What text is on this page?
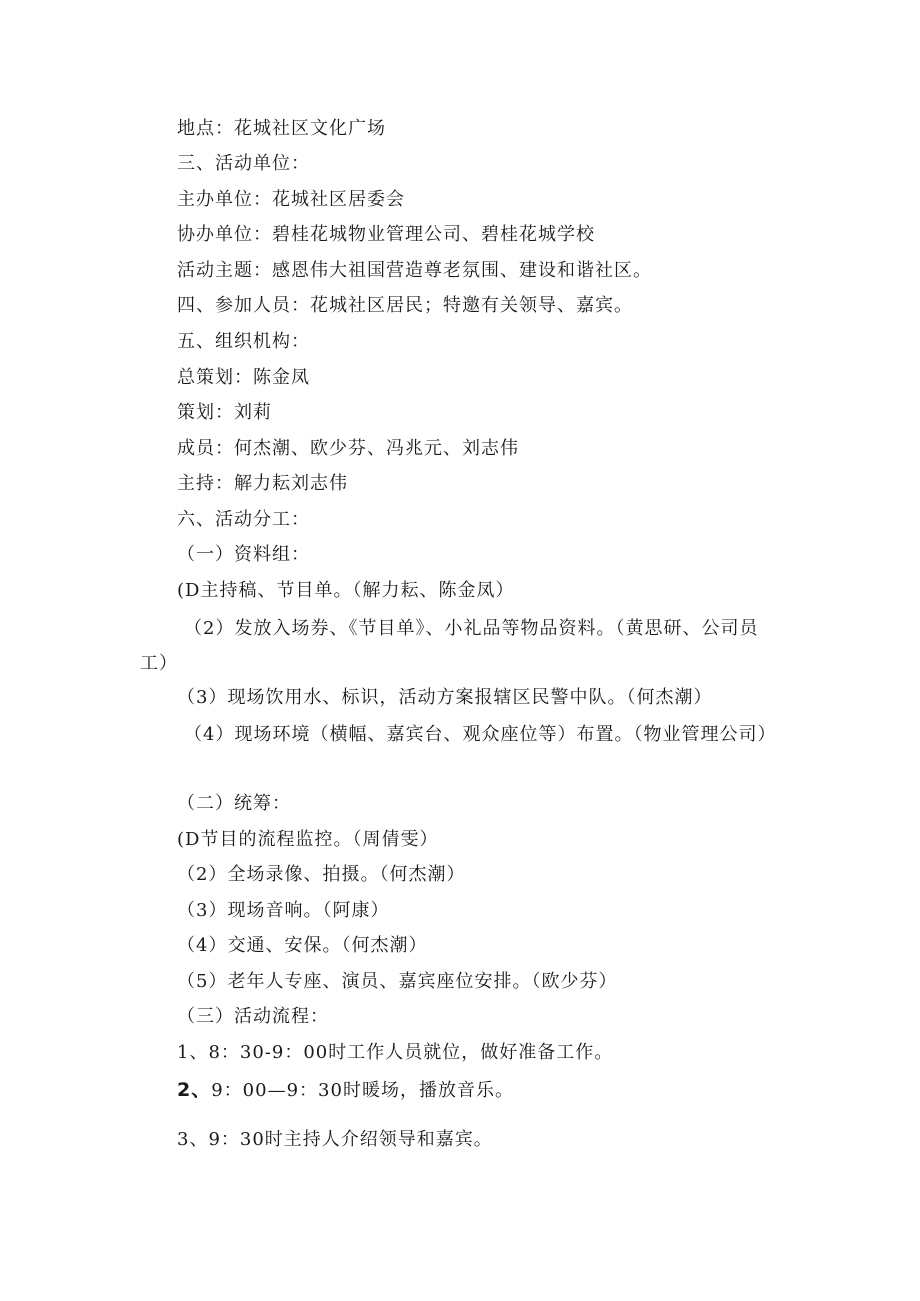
地点：花城社区文化广场
三、活动单位：
主办单位：花城社区居委会
协办单位：碧桂花城物业管理公司、碧桂花城学校
活动主题：感恩伟大祖国营造尊老氛围、建设和谐社区。
四、参加人员：花城社区居民；特邀有关领导、嘉宾。
五、组织机构：
总策划：陈金凤
策划：刘莉
成员：何杰潮、欧少芬、冯兆元、刘志伟
主持：解力耘刘志伟
六、活动分工：
（一）资料组：
(D主持稿、节目单。（解力耘、陈金凤）
（2）发放入场券、《节目单》、小礼品等物品资料。（黄思研、公司员工）
（3）现场饮用水、标识，活动方案报辖区民警中队。（何杰潮）
（4）现场环境（横幅、嘉宾台、观众座位等）布置。（物业管理公司）
（二）统筹：
(D节目的流程监控。（周倩雯）
（2）全场录像、拍摄。（何杰潮）
（3）现场音响。（阿康）
（4）交通、安保。（何杰潮）
（5）老年人专座、演员、嘉宾座位安排。（欧少芬）
（三）活动流程：
1、8：30-9：00时工作人员就位，做好准备工作。
2、9：00—9：30时暖场，播放音乐。
3、9：30时主持人介绍领导和嘉宾。
